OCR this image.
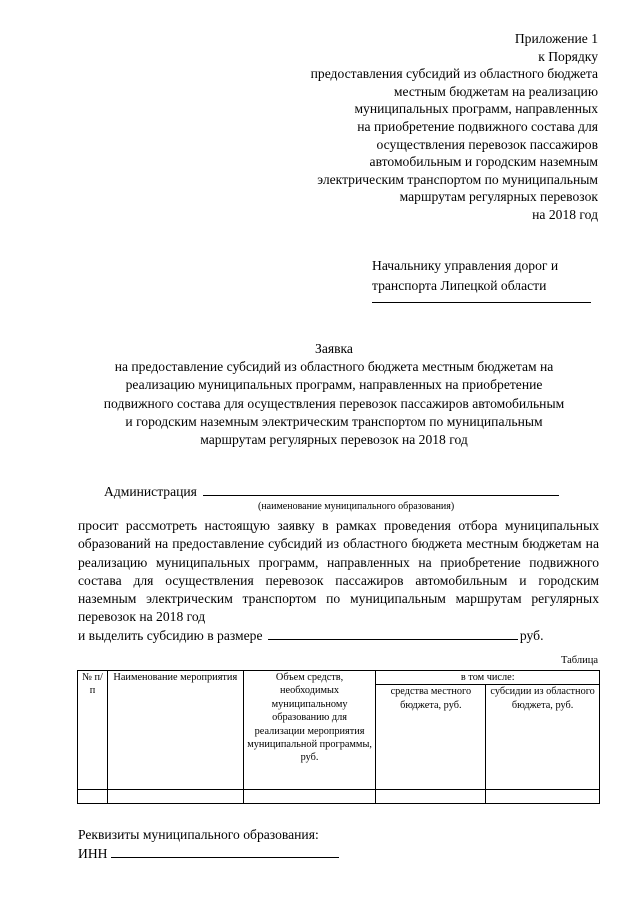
Приложение 1
к Порядку
предоставления субсидий из областного бюджета
местным бюджетам на реализацию
муниципальных программ, направленных
на приобретение подвижного состава для
осуществления перевозок пассажиров
автомобильным и городским наземным
электрическим транспортом по муниципальным
маршрутам регулярных перевозок
на 2018 год
Начальнику управления дорог и
транспорта Липецкой области
Заявка
на предоставление субсидий из областного бюджета местным бюджетам на
реализацию муниципальных программ, направленных на приобретение
подвижного состава для осуществления перевозок пассажиров автомобильным
и городским наземным электрическим транспортом по муниципальным
маршрутам регулярных перевозок на 2018 год
Администрация
(наименование муниципального образования)
просит рассмотреть настоящую заявку в рамках проведения отбора муниципальных образований на предоставление субсидий из областного бюджета местным бюджетам на реализацию муниципальных программ, направленных на приобретение подвижного состава для осуществления перевозок пассажиров автомобильным и городским наземным электрическим транспортом по муниципальным маршрутам регулярных перевозок на 2018 год
и выделить субсидию в размере	руб.
Таблица
№ п/п	Наименование мероприятия	Объем средств, необходимых муниципальному образованию для реализации мероприятия муниципальной программы, руб.	в том числе:	
			средства местного бюджета, руб.	субсидии из областного бюджета, руб.

Реквизиты муниципального образования:
ИНН
